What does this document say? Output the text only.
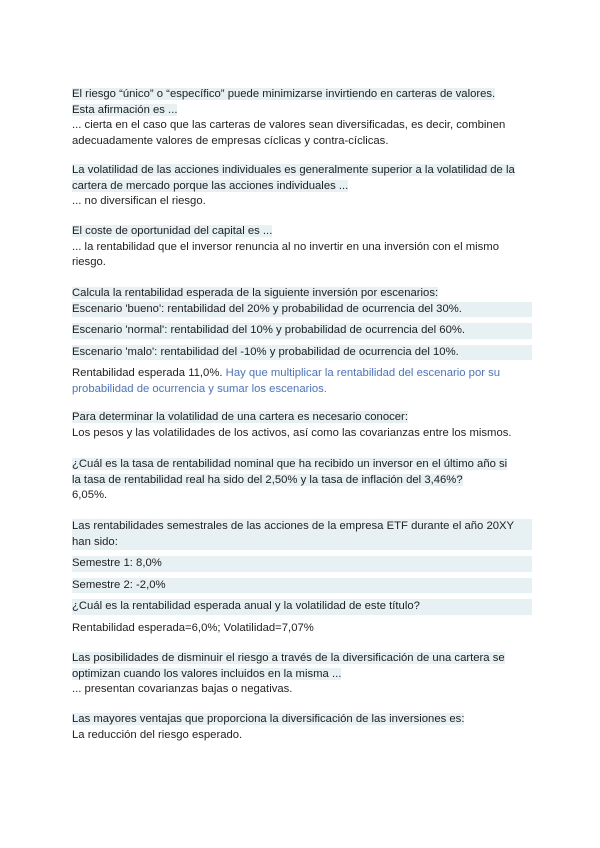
El riesgo “único” o “específico” puede minimizarse invirtiendo en carteras de valores.
Esta afirmación es ...
... cierta en el caso que las carteras de valores sean diversificadas, es decir, combinen
adecuadamente valores de empresas cíclicas y contra-cíclicas.
La volatilidad de las acciones individuales es generalmente superior a la volatilidad de la
cartera de mercado porque las acciones individuales ...
... no diversifican el riesgo.
El coste de oportunidad del capital es ...
... la rentabilidad que el inversor renuncia al no invertir en una inversión con el mismo
riesgo.
Calcula la rentabilidad esperada de la siguiente inversión por escenarios:
Escenario 'bueno': rentabilidad del 20% y probabilidad de ocurrencia del 30%.
Escenario 'normal': rentabilidad del 10% y probabilidad de ocurrencia del 60%.
Escenario 'malo': rentabilidad del -10% y probabilidad de ocurrencia del 10%.
Rentabilidad esperada 11,0%. Hay que multiplicar la rentabilidad del escenario por su
probabilidad de ocurrencia y sumar los escenarios.
Para determinar la volatilidad de una cartera es necesario conocer:
Los pesos y las volatilidades de los activos, así como las covarianzas entre los mismos.
¿Cuál es la tasa de rentabilidad nominal que ha recibido un inversor en el último año si
la tasa de rentabilidad real ha sido del 2,50% y la tasa de inflación del 3,46%?
6,05%.
Las rentabilidades semestrales de las acciones de la empresa ETF durante el año 20XY
han sido:
Semestre 1: 8,0%
Semestre 2: -2,0%
¿Cuál es la rentabilidad esperada anual y la volatilidad de este título?
Rentabilidad esperada=6,0%; Volatilidad=7,07%
Las posibilidades de disminuir el riesgo a través de la diversificación de una cartera se
optimizan cuando los valores incluidos en la misma ...
... presentan covarianzas bajas o negativas.
Las mayores ventajas que proporciona la diversificación de las inversiones es:
La reducción del riesgo esperado.
